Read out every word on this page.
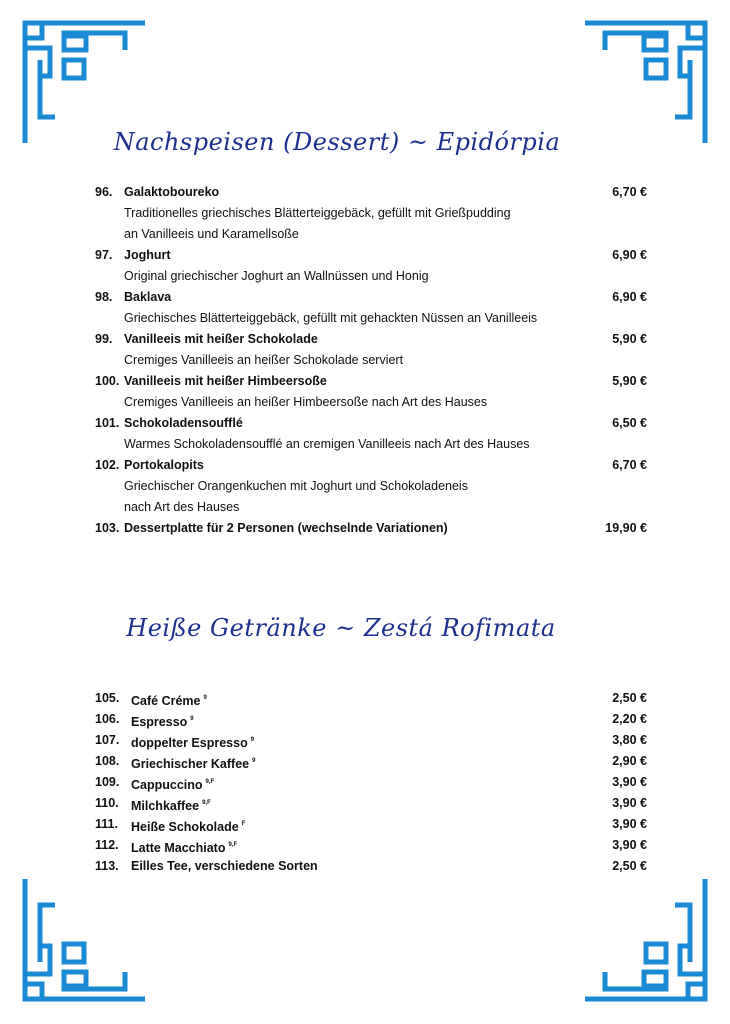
Nachspeisen (Dessert) ~ Epidórpia
96. Galaktoboureko	6,70 €
Traditionelles griechisches Blätterteiggebäck, gefüllt mit Grießpudding
an Vanilleeis und Karamellsoße
97. Joghurt	6,90 €
Original griechischer Joghurt an Wallnüssen und Honig
98. Baklava	6,90 €
Griechisches Blätterteiggebäck, gefüllt mit gehackten Nüssen an Vanilleeis
99. Vanilleeis mit heißer Schokolade	5,90 €
Cremiges Vanilleeis an heißer Schokolade serviert
100. Vanilleeis mit heißer Himbeersoße	5,90 €
Cremiges Vanilleeis an heißer Himbeersoße nach Art des Hauses
101. Schokoladensoufflé	6,50 €
Warmes Schokoladensoufflé an cremigen Vanilleeis nach Art des Hauses
102. Portokalopits	6,70 €
Griechischer Orangenkuchen mit Joghurt und Schokoladeneis
nach Art des Hauses
103. Dessertplatte für 2 Personen (wechselnde Variationen)	19,90 €
Heiße Getränke ~ Zestá Rofimata
105. Café Créme $^9$	2,50 €
106. Espresso $^9$	2,20 €
107. doppelter Espresso $^9$	3,80 €
108. Griechischer Kaffee $^9$	2,90 €
109. Cappuccino $^{9,F}$	3,90 €
110. Milchkaffee $^{9,F}$	3,90 €
111.	Heiße Schokolade $^F$	3,90 €
112. Latte Macchiato $^{9,F}$	3,90 €
113. Eilles Tee, verschiedene Sorten	2,50 €
